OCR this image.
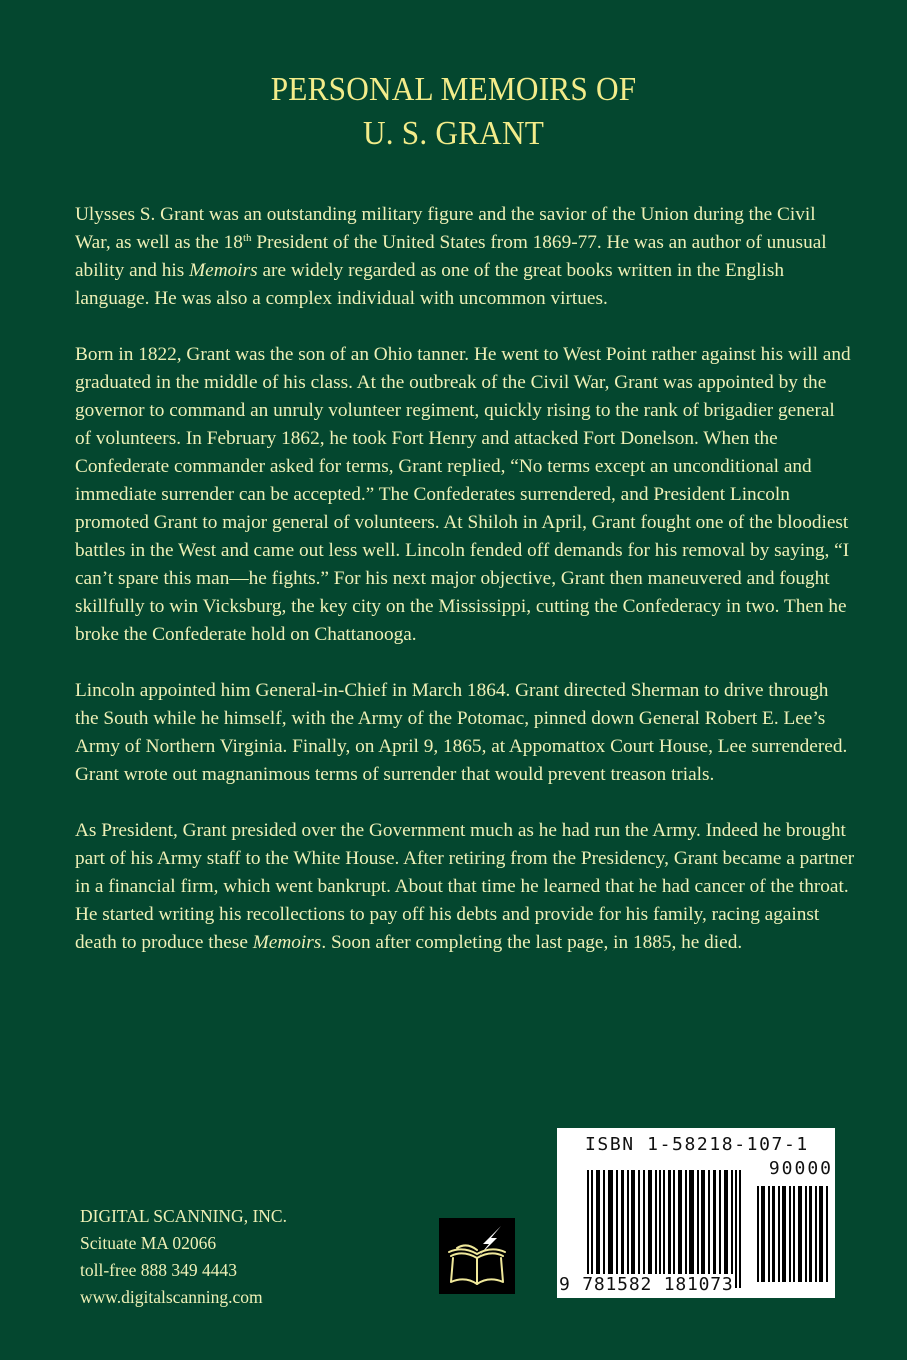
PERSONAL MEMOIRS OF
U. S. GRANT

Ulysses S. Grant was an outstanding military figure and the savior of the Union during the Civil War, as well as the 18th President of the United States from 1869-77. He was an author of unusual ability and his Memoirs are widely regarded as one of the great books written in the English language. He was also a complex individual with uncommon virtues.

Born in 1822, Grant was the son of an Ohio tanner. He went to West Point rather against his will and graduated in the middle of his class. At the outbreak of the Civil War, Grant was appointed by the governor to command an unruly volunteer regiment, quickly rising to the rank of brigadier general of volunteers. In February 1862, he took Fort Henry and attacked Fort Donelson. When the Confederate commander asked for terms, Grant replied, “No terms except an unconditional and immediate surrender can be accepted.” The Confederates surrendered, and President Lincoln promoted Grant to major general of volunteers. At Shiloh in April, Grant fought one of the bloodiest battles in the West and came out less well. Lincoln fended off demands for his removal by saying, “I can’t spare this man—he fights.” For his next major objective, Grant then maneuvered and fought skillfully to win Vicksburg, the key city on the Mississippi, cutting the Confederacy in two. Then he broke the Confederate hold on Chattanooga.

Lincoln appointed him General-in-Chief in March 1864. Grant directed Sherman to drive through the South while he himself, with the Army of the Potomac, pinned down General Robert E. Lee’s Army of Northern Virginia. Finally, on April 9, 1865, at Appomattox Court House, Lee surrendered. Grant wrote out magnanimous terms of surrender that would prevent treason trials.

As President, Grant presided over the Government much as he had run the Army. Indeed he brought part of his Army staff to the White House. After retiring from the Presidency, Grant became a partner in a financial firm, which went bankrupt. About that time he learned that he had cancer of the throat. He started writing his recollections to pay off his debts and provide for his family, racing against death to produce these Memoirs. Soon after completing the last page, in 1885, he died.

DIGITAL SCANNING, INC.
Scituate MA 02066
toll-free 888 349 4443
www.digitalscanning.com
ISBN 1-58218-107-1
90000
9 781582 181073
